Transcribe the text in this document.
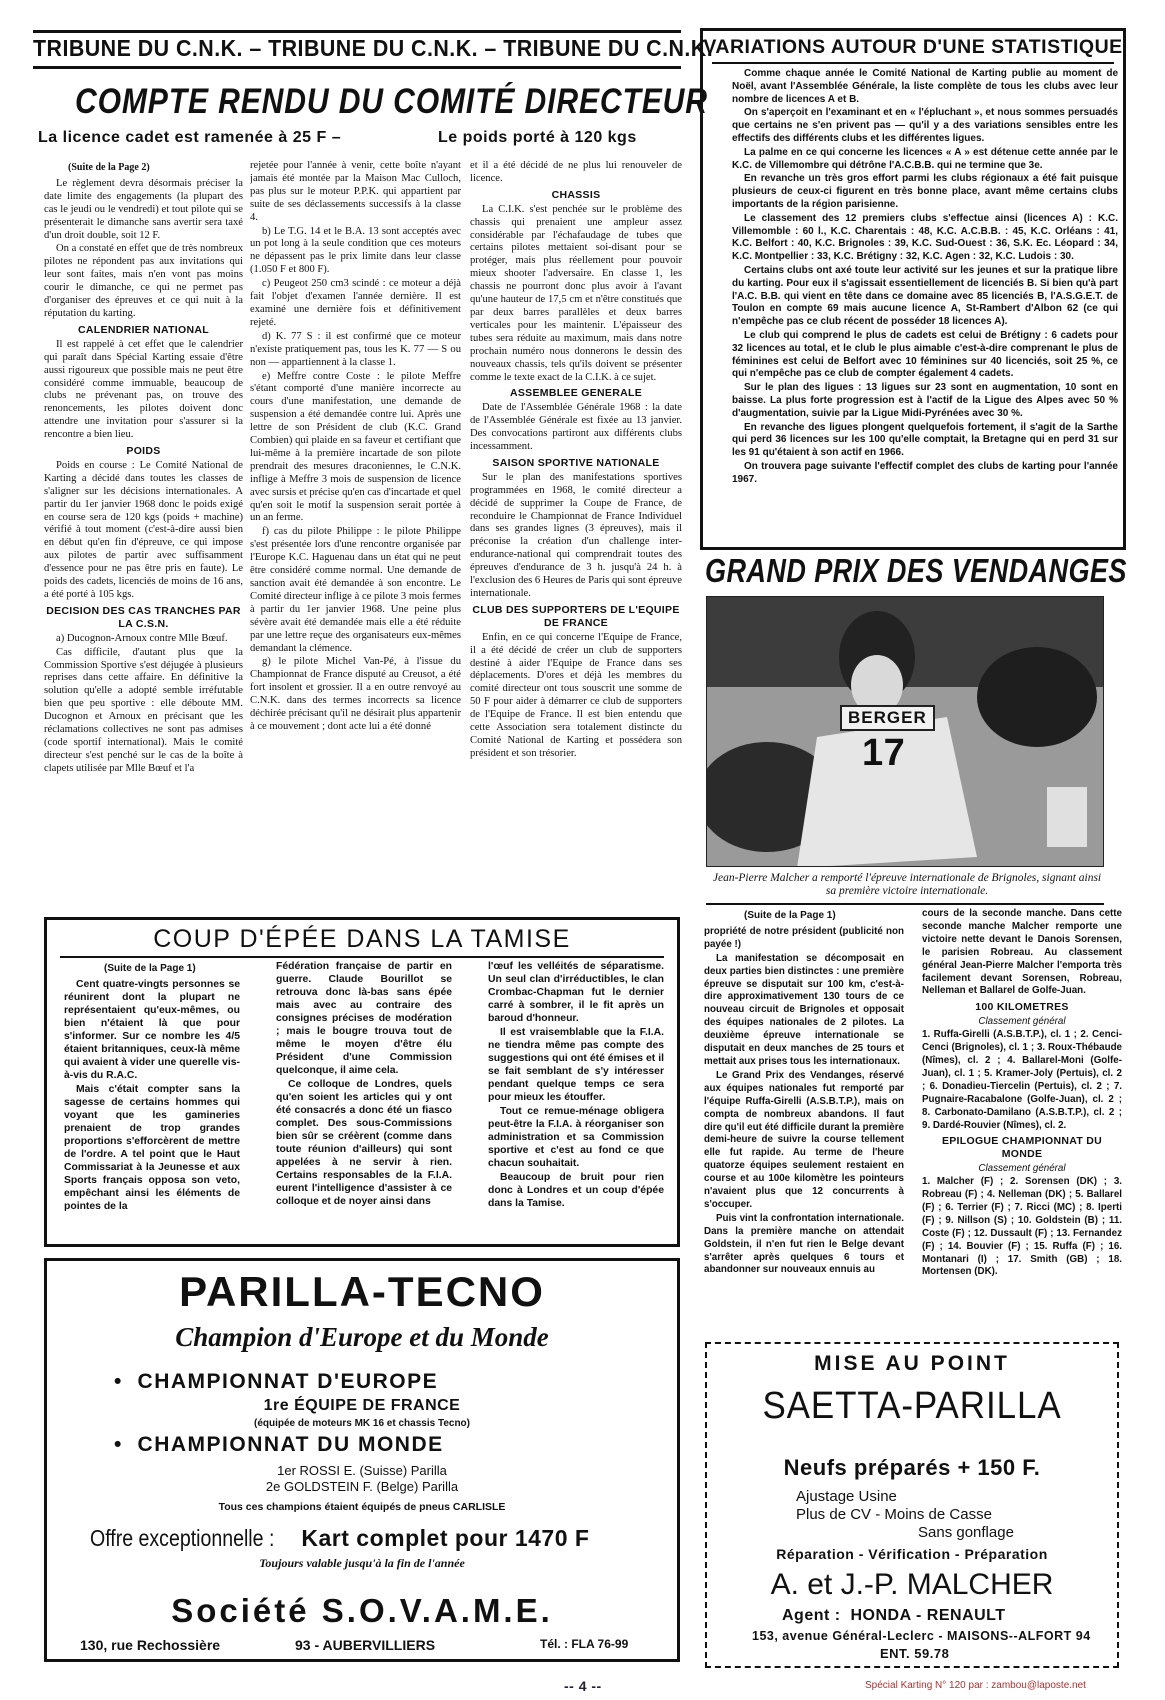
TRIBUNE DU C.N.K. – TRIBUNE DU C.N.K. – TRIBUNE DU C.N.K.
COMPTE RENDU DU COMITÉ DIRECTEUR
La licence cadet est ramenée à 25 F –	Le poids porté à 120 kgs
(Suite de la Page 2)

Le règlement devra désormais préciser la date limite des engagements (la plupart des cas le jeudi ou le vendredi) et tout pilote qui se présenterait le dimanche sans avertir sera taxé d'un droit double, soit 12 F.

On a constaté en effet que de très nombreux pilotes ne répondent pas aux invitations qui leur sont faites, mais n'en vont pas moins courir le dimanche, ce qui ne permet pas d'organiser des épreuves et ce qui nuit à la réputation du karting.

CALENDRIER NATIONAL

Il est rappelé à cet effet que le calendrier qui paraît dans Spécial Karting essaie d'être aussi rigoureux que possible mais ne peut être considéré comme immuable, beaucoup de clubs ne prévenant pas, on trouve des renoncements, les pilotes doivent donc attendre une invitation pour s'assurer si la rencontre a bien lieu.

POIDS

Poids en course : Le Comité National de Karting a décidé dans toutes les classes de s'aligner sur les décisions internationales. A partir du 1er janvier 1968 donc le poids exigé en course sera de 120 kgs (poids + machine) vérifié à tout moment (c'est-à-dire aussi bien en début qu'en fin d'épreuve, ce qui impose aux pilotes de partir avec suffisamment d'essence pour ne pas être pris en faute). Le poids des cadets, licenciés de moins de 16 ans, a été porté à 105 kgs.

DECISION DES CAS TRANCHES PAR LA C.S.N.

a) Ducognon-Arnoux contre Mlle Bœuf.

Cas difficile, d'autant plus que la Commission Sportive s'est déjugée à plusieurs reprises dans cette affaire. En définitive la solution qu'elle a adopté semble irréfutable bien que peu sportive : elle déboute MM. Ducognon et Arnoux en précisant que les réclamations collectives ne sont pas admises (code sportif international). Mais le comité directeur s'est penché sur le cas de la boîte à clapets utilisée par Mlle Bœuf et l'a

rejetée pour l'année à venir, cette boîte n'ayant jamais été montée par la Maison Mac Culloch, pas plus sur le moteur P.P.K. qui appartient par suite de ses déclassements successifs à la classe 4.

b) Le T.G. 14 et le B.A. 13 sont acceptés avec un pot long à la seule condition que ces moteurs ne dépassent pas le prix limite dans leur classe (1.050 F et 800 F).

c) Peugeot 250 cm3 scindé : ce moteur a déjà fait l'objet d'examen l'année dernière. Il est examiné une dernière fois et définitivement rejeté.

d) K. 77 S : il est confirmé que ce moteur n'existe pratiquement pas, tous les K. 77 — S ou non — appartiennent à la classe 1.

e) Meffre contre Coste : le pilote Meffre s'étant comporté d'une manière incorrecte au cours d'une manifestation, une demande de suspension a été demandée contre lui. Après une lettre de son Président de club (K.C. Grand Combien) qui plaide en sa faveur et certifiant que lui-même à la première incartade de son pilote prendrait des mesures draconiennes, le C.N.K. inflige à Meffre 3 mois de suspension de licence avec sursis et précise qu'en cas d'incartade et quel qu'en soit le motif la suspension serait portée à un an ferme.

f) cas du pilote Philippe : le pilote Philippe s'est présentée lors d'une rencontre organisée par l'Europe K.C. Haguenau dans un état qui ne peut être considéré comme normal. Une demande de sanction avait été demandée à son encontre. Le Comité directeur inflige à ce pilote 3 mois fermes à partir du 1er janvier 1968. Une peine plus sévère avait été demandée mais elle a été réduite par une lettre reçue des organisateurs eux-mêmes demandant la clémence.

g) le pilote Michel Van-Pé, à l'issue du Championnat de France disputé au Creusot, a été fort insolent et grossier. Il a en outre renvoyé au C.N.K. dans des termes incorrects sa licence déchirée précisant qu'il ne désirait plus appartenir à ce mouvement ; dont acte lui a été donné

et il a été décidé de ne plus lui renouveler de licence.

CHASSIS

La C.I.K. s'est penchée sur le problème des chassis qui prenaient une ampleur assez considérable par l'échafaudage de tubes que certains pilotes mettaient soi-disant pour se protéger, mais plus réellement pour pouvoir mieux shooter l'adversaire. En classe 1, les chassis ne pourront donc plus avoir à l'avant qu'une hauteur de 17,5 cm et n'être constitués que par deux barres parallèles et deux barres verticales pour les maintenir. L'épaisseur des tubes sera réduite au maximum, mais dans notre prochain numéro nous donnerons le dessin des nouveaux chassis, tels qu'ils doivent se présenter comme le texte exact de la C.I.K. à ce sujet.

ASSEMBLEE GENERALE

Date de l'Assemblée Générale 1968 : la date de l'Assemblée Générale est fixée au 13 janvier. Des convocations partiront aux différents clubs incessamment.

SAISON SPORTIVE NATIONALE

Sur le plan des manifestations sportives programmées en 1968, le comité directeur a décidé de supprimer la Coupe de France, de reconduire le Championnat de France Individuel dans ses grandes lignes (3 épreuves), mais il préconise la création d'un challenge inter-endurance-national qui comprendrait toutes des épreuves d'endurance de 3 h. jusqu'à 24 h. à l'exclusion des 6 Heures de Paris qui sont épreuve internationale.

CLUB DES SUPPORTERS DE L'EQUIPE DE FRANCE

Enfin, en ce qui concerne l'Equipe de France, il a été décidé de créer un club de supporters destiné à aider l'Equipe de France dans ses déplacements. D'ores et déjà les membres du comité directeur ont tous souscrit une somme de 50 F pour aider à démarrer ce club de supporters de l'Equipe de France. Il est bien entendu que cette Association sera totalement distincte du Comité National de Karting et possédera son président et son trésorier.

VARIATIONS AUTOUR D'UNE STATISTIQUE

Comme chaque année le Comité National de Karting publie au moment de Noël, avant l'Assemblée Générale, la liste complète de tous les clubs avec leur nombre de licences A et B.

On s'aperçoit en l'examinant et en « l'épluchant », et nous sommes persuadés que certains ne s'en privent pas — qu'il y a des variations sensibles entre les effectifs des différents clubs et les différentes ligues.

La palme en ce qui concerne les licences « A » est détenue cette année par le K.C. de Villemombre qui détrône l'A.C.B.B. qui ne termine que 3e.

En revanche un très gros effort parmi les clubs régionaux a été fait puisque plusieurs de ceux-ci figurent en très bonne place, avant même certains clubs importants de la région parisienne.

Le classement des 12 premiers clubs s'effectue ainsi (licences A) : K.C. Villemomble : 60 l., K.C. Charentais : 48, K.C. A.C.B.B. : 45, K.C. Orléans : 41, K.C. Belfort : 40, K.C. Brignoles : 39, K.C. Sud-Ouest : 36, S.K. Ec. Léopard : 34, K.C. Montpellier : 33, K.C. Brétigny : 32, K.C. Agen : 32, K.C. Ludois : 30.

Certains clubs ont axé toute leur activité sur les jeunes et sur la pratique libre du karting. Pour eux il s'agissait essentiellement de licenciés B. Si bien qu'à part l'A.C. B.B. qui vient en tête dans ce domaine avec 85 licenciés B, l'A.S.G.E.T. de Toulon en compte 69 mais aucune licence A, St-Rambert d'Albon 62 (ce qui n'empêche pas ce club récent de posséder 18 licences A).

Le club qui comprend le plus de cadets est celui de Brétigny : 6 cadets pour 32 licences au total, et le club le plus aimable c'est-à-dire comprenant le plus de féminines est celui de Belfort avec 10 féminines sur 40 licenciés, soit 25 %, ce qui n'empêche pas ce club de compter également 4 cadets.

Sur le plan des ligues : 13 ligues sur 23 sont en augmentation, 10 sont en baisse. La plus forte progression est à l'actif de la Ligue des Alpes avec 50 % d'augmentation, suivie par la Ligue Midi-Pyrénées avec 30 %.

En revanche des ligues plongent quelquefois fortement, il s'agit de la Sarthe qui perd 36 licences sur les 100 qu'elle comptait, la Bretagne qui en perd 31 sur les 91 qu'étaient à son actif en 1966.

On trouvera page suivante l'effectif complet des clubs de karting pour l'année 1967.

GRAND PRIX DES VENDANGES
BERGER
17
Jean-Pierre Malcher a remporté l'épreuve internationale de Brignoles, signant ainsi sa première victoire internationale.
(Suite de la Page 1)

propriété de notre président (publicité non payée !)

La manifestation se décomposait en deux parties bien distinctes : une première épreuve se disputait sur 100 km, c'est-à-dire approximativement 130 tours de ce nouveau circuit de Brignoles et opposait des équipes nationales de 2 pilotes. La deuxième épreuve internationale se disputait en deux manches de 25 tours et mettait aux prises tous les internationaux.

Le Grand Prix des Vendanges, réservé aux équipes nationales fut remporté par l'équipe Ruffa-Girelli (A.S.B.T.P.), mais on compta de nombreux abandons. Il faut dire qu'il eut été difficile durant la première demi-heure de suivre la course tellement elle fut rapide. Au terme de l'heure quatorze équipes seulement restaient en course et au 100e kilomètre les pointeurs n'avaient plus que 12 concurrents à s'occuper.

Puis vint la confrontation internationale. Dans la première manche on attendait Goldstein, il n'en fut rien le Belge devant s'arrêter après quelques 6 tours et abandonner sur nouveaux ennuis au

cours de la seconde manche. Dans cette seconde manche Malcher remporte une victoire nette devant le Danois Sorensen, le parisien Robreau. Au classement général Jean-Pierre Malcher l'emporta très facilement devant Sorensen, Robreau, Nelleman et Ballarel de Golfe-Juan.

100 KILOMETRES
Classement général

1. Ruffa-Girelli (A.S.B.T.P.), cl. 1 ; 2. Cenci-Cenci (Brignoles), cl. 1 ; 3. Roux-Thébaude (Nîmes), cl. 2 ; 4. Ballarel-Moni (Golfe-Juan), cl. 1 ; 5. Kramer-Joly (Pertuis), cl. 2 ; 6. Donadieu-Tiercelin (Pertuis), cl. 2 ; 7. Pugnaire-Racabalone (Golfe-Juan), cl. 2 ; 8. Carbonato-Damilano (A.S.B.T.P.), cl. 2 ; 9. Dardé-Rouvier (Nîmes), cl. 2.

EPILOGUE CHAMPIONNAT DU MONDE
Classement général

1. Malcher (F) ; 2. Sorensen (DK) ; 3. Robreau (F) ; 4. Nelleman (DK) ; 5. Ballarel (F) ; 6. Terrier (F) ; 7. Ricci (MC) ; 8. Iperti (F) ; 9. Nillson (S) ; 10. Goldstein (B) ; 11. Coste (F) ; 12. Dussault (F) ; 13. Fernandez (F) ; 14. Bouvier (F) ; 15. Ruffa (F) ; 16. Montanari (I) ; 17. Smith (GB) ; 18. Mortensen (DK).

COUP D'ÉPÉE DANS LA TAMISE
(Suite de la Page 1)

Cent quatre-vingts personnes se réunirent dont la plupart ne représentaient qu'eux-mêmes, ou bien n'étaient là que pour s'informer. Sur ce nombre les 4/5 étaient britanniques, ceux-là même qui avaient à vider une querelle vis-à-vis du R.A.C.

Mais c'était compter sans la sagesse de certains hommes qui voyant que les gamineries prenaient de trop grandes proportions s'efforcèrent de mettre de l'ordre. A tel point que le Haut Commissariat à la Jeunesse et aux Sports français opposa son veto, empêchant ainsi les éléments de pointes de la

Fédération française de partir en guerre. Claude Bourillot se retrouva donc là-bas sans épée mais avec au contraire des consignes précises de modération ; mais le bougre trouva tout de même le moyen d'être élu Président d'une Commission quelconque, il aime cela.

Ce colloque de Londres, quels qu'en soient les articles qui y ont été consacrés a donc été un fiasco complet. Des sous-Commissions bien sûr se créèrent (comme dans toute réunion d'ailleurs) qui sont appelées à ne servir à rien. Certains responsables de la F.I.A. eurent l'intelligence d'assister à ce colloque et de noyer ainsi dans

l'œuf les velléités de séparatisme. Un seul clan d'irréductibles, le clan Crombac-Chapman fut le dernier carré à sombrer, il le fit après un baroud d'honneur.

Il est vraisemblable que la F.I.A. ne tiendra même pas compte des suggestions qui ont été émises et il se fait semblant de s'y intéresser pendant quelque temps ce sera pour mieux les étouffer.

Tout ce remue-ménage obligera peut-être la F.I.A. à réorganiser son administration et sa Commission sportive et c'est au fond ce que chacun souhaitait.

Beaucoup de bruit pour rien donc à Londres et un coup d'épée dans la Tamise.

PARILLA-TECNO
Champion d'Europe et du Monde
•  CHAMPIONNAT D'EUROPE
1re ÉQUIPE DE FRANCE
(équipée de moteurs MK 16 et chassis Tecno)
•  CHAMPIONNAT DU MONDE
1er ROSSI E. (Suisse) Parilla
2e GOLDSTEIN F. (Belge) Parilla
Tous ces champions étaient équipés de pneus CARLISLE
Offre exceptionnelle : Kart complet pour 1470 F
Toujours valable jusqu'à la fin de l'année
Société S.O.V.A.M.E.
130, rue Rechossière	93 - AUBERVILLIERS	Tél. : FLA 76-99
MISE AU POINT
SAETTA-PARILLA
Neufs préparés + 150 F.
Ajustage Usine
Plus de CV - Moins de Casse
Sans gonflage
Réparation - Vérification - Préparation
A. et J.-P. MALCHER
Agent : HONDA - RENAULT
153, avenue Général-Leclerc - MAISONS--ALFORT 94
ENT. 59.78
-- 4 --	Spécial Karting N° 120 par : zambou@laposte.net
